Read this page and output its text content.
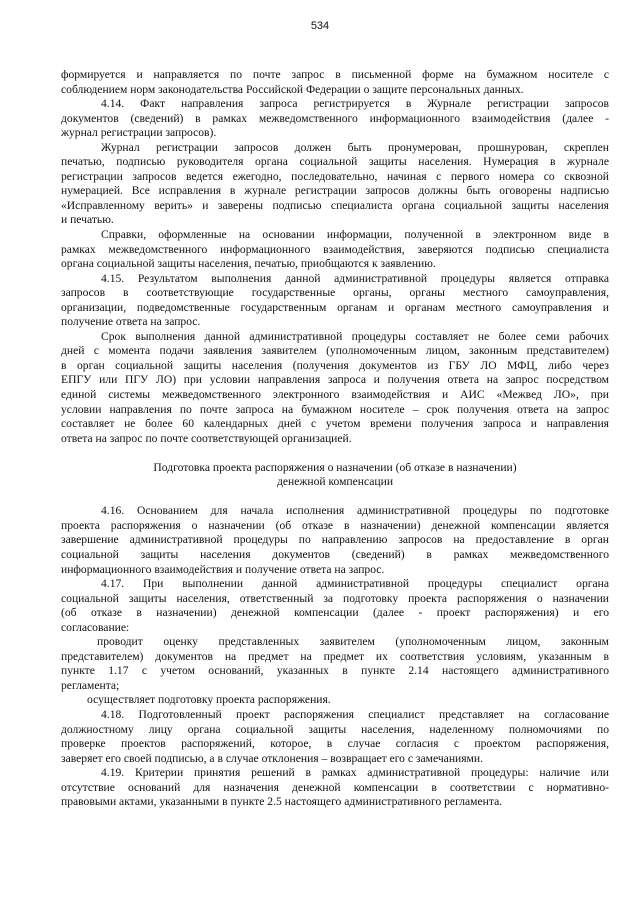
534
формируется и направляется по почте запрос в письменной форме на бумажном носителе с
соблюдением норм законодательства Российской Федерации о защите персональных данных.
4.14. Факт направления запроса регистрируется в Журнале регистрации запросов
документов (сведений) в рамках межведомственного информационного взаимодействия (далее -
журнал регистрации запросов).
Журнал регистрации запросов должен быть пронумерован, прошнурован, скреплен
печатью, подписью руководителя органа социальной защиты населения. Нумерация в журнале
регистрации запросов ведется ежегодно, последовательно, начиная с первого номера со сквозной
нумерацией. Все исправления в журнале регистрации запросов должны быть оговорены надписью
«Исправленному верить» и заверены подписью специалиста органа социальной защиты населения
и печатью.
Справки, оформленные на основании информации, полученной в электронном виде в
рамках межведомственного информационного взаимодействия, заверяются подписью специалиста
органа социальной защиты населения, печатью, приобщаются к заявлению.
4.15. Результатом выполнения данной административной процедуры является отправка
запросов в соответствующие государственные органы, органы местного самоуправления,
организации, подведомственные государственным органам и органам местного самоуправления и
получение ответа на запрос.
Срок выполнения данной административной процедуры составляет не более семи рабочих
дней с момента подачи заявления заявителем (уполномоченным лицом, законным представителем)
в орган социальной защиты населения (получения документов из ГБУ ЛО МФЦ, либо через
ЕПГУ или ПГУ ЛО) при условии направления запроса и получения ответа на запрос посредством
единой системы межведомственного электронного взаимодействия и АИС «Межвед ЛО», при
условии направления по почте запроса на бумажном носителе – срок получения ответа на запрос
составляет не более 60 календарных дней с учетом времени получения запроса и направления
ответа на запрос по почте соответствующей организацией.
Подготовка проекта распоряжения о назначении (об отказе в назначении)
денежной компенсации
4.16. Основанием для начала исполнения административной процедуры по подготовке
проекта распоряжения о назначении (об отказе в назначении) денежной компенсации является
завершение административной процедуры по направлению запросов на предоставление в орган
социальной защиты населения документов (сведений) в рамках межведомственного
информационного взаимодействия и получение ответа на запрос.
4.17. При выполнении данной административной процедуры специалист органа
социальной защиты населения, ответственный за подготовку проекта распоряжения о назначении
(об отказе в назначении) денежной компенсации (далее - проект распоряжения) и его
согласование:
проводит оценку представленных заявителем (уполномоченным лицом, законным
представителем) документов на предмет на предмет их соответствия условиям, указанным в
пункте 1.17 с учетом оснований, указанных в пункте 2.14 настоящего административного
регламента;
осуществляет подготовку проекта распоряжения.
4.18. Подготовленный проект распоряжения специалист представляет на согласование
должностному лицу органа социальной защиты населения, наделенному полномочиями по
проверке проектов распоряжений, которое, в случае согласия с проектом распоряжения,
заверяет его своей подписью, а в случае отклонения – возвращает его с замечаниями.
4.19. Критерии принятия решений в рамках административной процедуры: наличие или
отсутствие оснований для назначения денежной компенсации в соответствии с нормативно-
правовыми актами, указанными в пункте 2.5 настоящего административного регламента.
